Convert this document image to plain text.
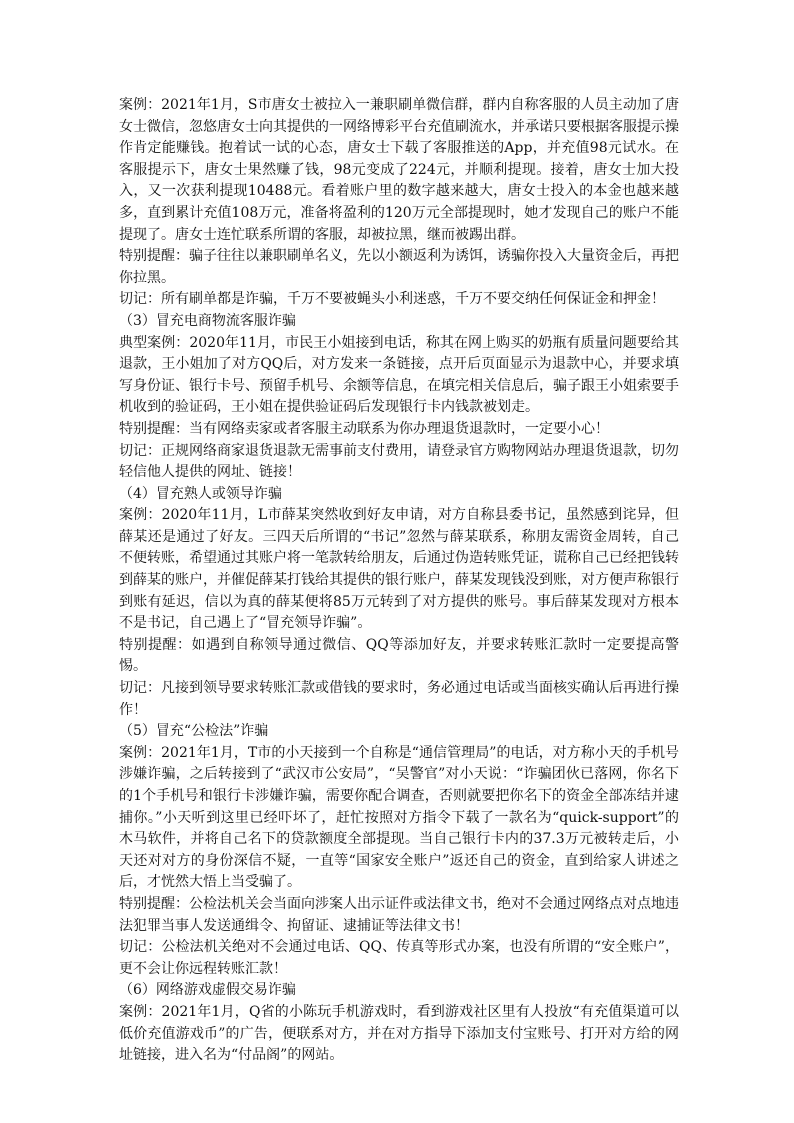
案例：2021年1月，S市唐女士被拉入一兼职刷单微信群，群内自称客服的人员主动加了唐女士微信，忽悠唐女士向其提供的一网络博彩平台充值刷流水，并承诺只要根据客服提示操作肯定能赚钱。抱着试一试的心态，唐女士下载了客服推送的App，并充值98元试水。在客服提示下，唐女士果然赚了钱，98元变成了224元，并顺利提现。接着，唐女士加大投入，又一次获利提现10488元。看着账户里的数字越来越大，唐女士投入的本金也越来越多，直到累计充值108万元，准备将盈利的120万元全部提现时，她才发现自己的账户不能提现了。唐女士连忙联系所谓的客服，却被拉黑，继而被踢出群。

特别提醒：骗子往往以兼职刷单名义，先以小额返利为诱饵，诱骗你投入大量资金后，再把你拉黑。

切记：所有刷单都是诈骗，千万不要被蝇头小利迷惑，千万不要交纳任何保证金和押金！

（3）冒充电商物流客服诈骗

典型案例：2020年11月，市民王小姐接到电话，称其在网上购买的奶瓶有质量问题要给其退款，王小姐加了对方QQ后，对方发来一条链接，点开后页面显示为退款中心，并要求填写身份证、银行卡号、预留手机号、余额等信息，在填完相关信息后，骗子跟王小姐索要手机收到的验证码，王小姐在提供验证码后发现银行卡内钱款被划走。

特别提醒：当有网络卖家或者客服主动联系为你办理退货退款时，一定要小心！

切记：正规网络商家退货退款无需事前支付费用，请登录官方购物网站办理退货退款，切勿轻信他人提供的网址、链接！

（4）冒充熟人或领导诈骗

案例：2020年11月，L市薛某突然收到好友申请，对方自称县委书记，虽然感到诧异，但薛某还是通过了好友。三四天后所谓的“书记”忽然与薛某联系，称朋友需资金周转，自己不便转账，希望通过其账户将一笔款转给朋友，后通过伪造转账凭证，谎称自己已经把钱转到薛某的账户，并催促薛某打钱给其提供的银行账户，薛某发现钱没到账，对方便声称银行到账有延迟，信以为真的薛某便将85万元转到了对方提供的账号。事后薛某发现对方根本不是书记，自己遇上了“冒充领导诈骗”。

特别提醒：如遇到自称领导通过微信、QQ等添加好友，并要求转账汇款时一定要提高警惕。

切记：凡接到领导要求转账汇款或借钱的要求时，务必通过电话或当面核实确认后再进行操作！

（5）冒充“公检法”诈骗

案例：2021年1月，T市的小天接到一个自称是“通信管理局”的电话，对方称小天的手机号涉嫌诈骗，之后转接到了“武汉市公安局”，“吴警官”对小天说：“诈骗团伙已落网，你名下的1个手机号和银行卡涉嫌诈骗，需要你配合调查，否则就要把你名下的资金全部冻结并逮捕你。”小天听到这里已经吓坏了，赶忙按照对方指令下载了一款名为“quick-support”的木马软件，并将自己名下的贷款额度全部提现。当自己银行卡内的37.3万元被转走后，小天还对对方的身份深信不疑，一直等“国家安全账户”返还自己的资金，直到给家人讲述之后，才恍然大悟上当受骗了。

特别提醒：公检法机关会当面向涉案人出示证件或法律文书，绝对不会通过网络点对点地违法犯罪当事人发送通缉令、拘留证、逮捕证等法律文书！

切记：公检法机关绝对不会通过电话、QQ、传真等形式办案，也没有所谓的“安全账户”，更不会让你远程转账汇款！

（6）网络游戏虚假交易诈骗

案例：2021年1月，Q省的小陈玩手机游戏时，看到游戏社区里有人投放“有充值渠道可以低价充值游戏币”的广告，便联系对方，并在对方指导下添加支付宝账号、打开对方给的网址链接，进入名为“付品阁”的网站。
